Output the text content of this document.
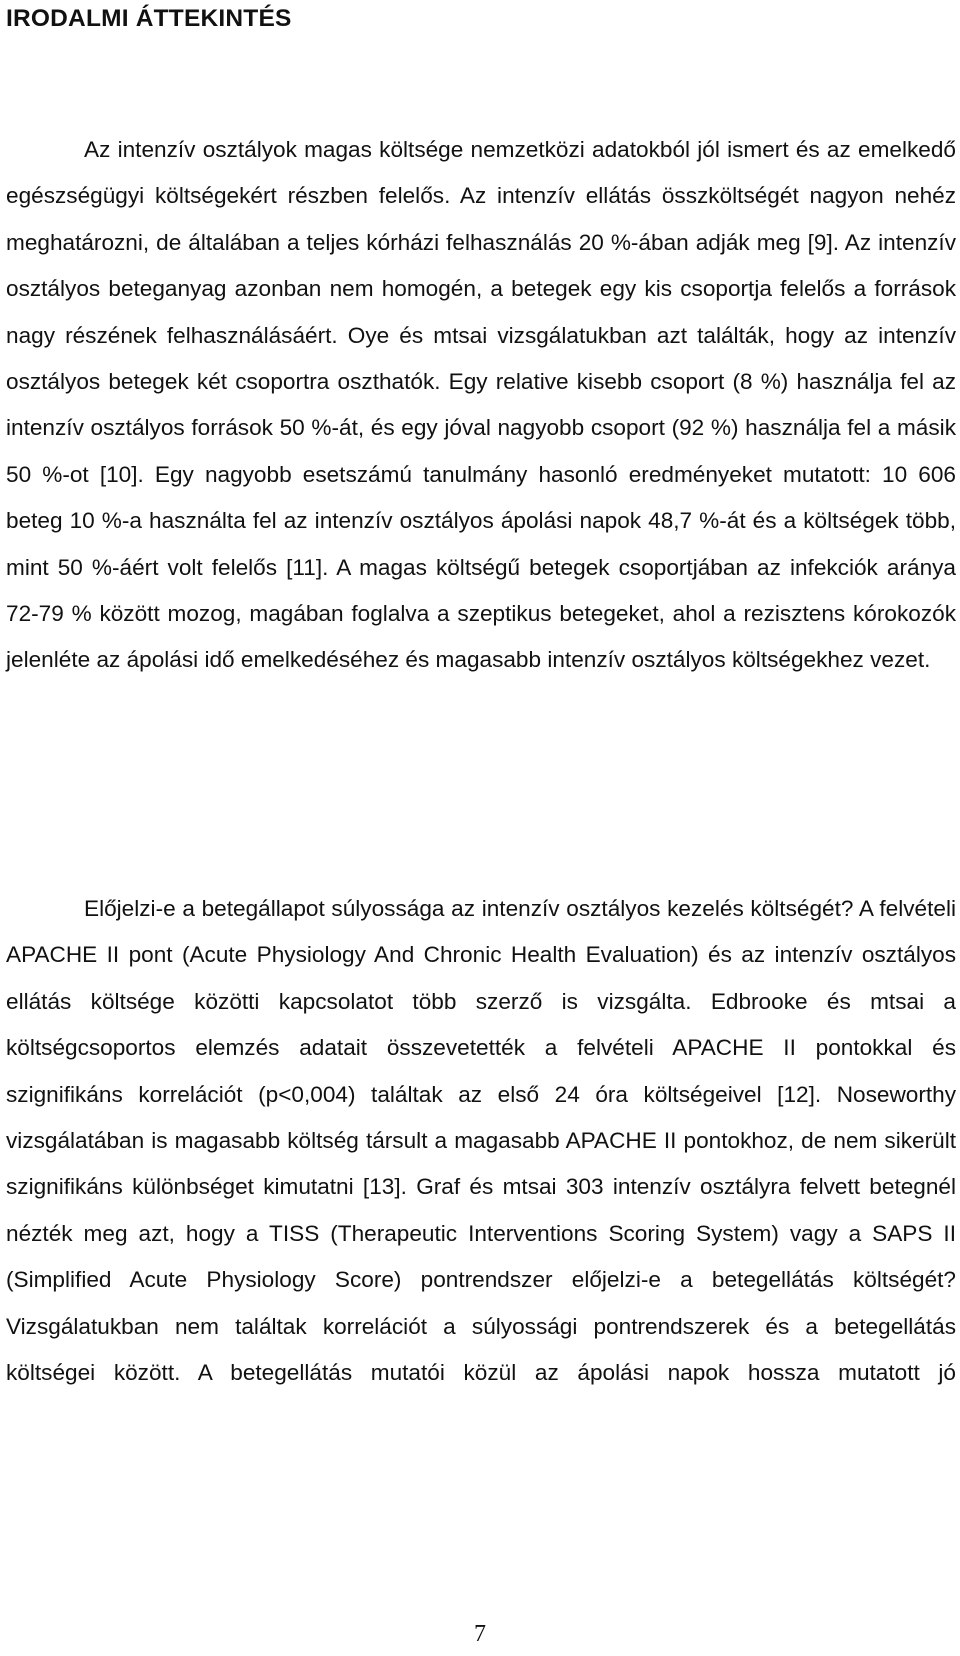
IRODALMI ÁTTEKINTÉS

Az intenzív osztályok magas költsége nemzetközi adatokból jól ismert és az emelkedő egészségügyi költségekért részben felelős. Az intenzív ellátás összköltségét nagyon nehéz meghatározni, de általában a teljes kórházi felhasználás 20 %-ában adják meg [9]. Az intenzív osztályos beteganyag azonban nem homogén, a betegek egy kis csoportja felelős a források nagy részének felhasználásáért. Oye és mtsai vizsgálatukban azt találták, hogy az intenzív osztályos betegek két csoportra oszthatók. Egy relative kisebb csoport (8 %) használja fel az intenzív osztályos források 50 %-át, és egy jóval nagyobb csoport (92 %) használja fel a másik 50 %-ot [10]. Egy nagyobb esetszámú tanulmány hasonló eredményeket mutatott: 10 606 beteg 10 %-a használta fel az intenzív osztályos ápolási napok 48,7 %-át és a költségek több, mint 50 %-áért volt felelős [11]. A magas költségű betegek csoportjában az infekciók aránya 72-79 % között mozog, magában foglalva a szeptikus betegeket, ahol a rezisztens kórokozók jelenléte az ápolási idő emelkedéséhez és magasabb intenzív osztályos költségekhez vezet.

Előjelzi-e a betegállapot súlyossága az intenzív osztályos kezelés költségét? A felvételi APACHE II pont (Acute Physiology And Chronic Health Evaluation) és az intenzív osztályos ellátás költsége közötti kapcsolatot több szerző is vizsgálta. Edbrooke és mtsai a költségcsoportos elemzés adatait összevetették a felvételi APACHE II pontokkal és szignifikáns korrelációt (p<0,004) találtak az első 24 óra költségeivel [12]. Noseworthy vizsgálatában is magasabb költség társult a magasabb APACHE II pontokhoz, de nem sikerült szignifikáns különbséget kimutatni [13]. Graf és mtsai 303 intenzív osztályra felvett betegnél nézték meg azt, hogy a TISS (Therapeutic Interventions Scoring System) vagy a SAPS II (Simplified Acute Physiology Score) pontrendszer előjelzi-e a betegellátás költségét? Vizsgálatukban nem találtak korrelációt a súlyossági pontrendszerek és a betegellátás költségei között. A betegellátás mutatói közül az ápolási napok hossza mutatott jó

7
